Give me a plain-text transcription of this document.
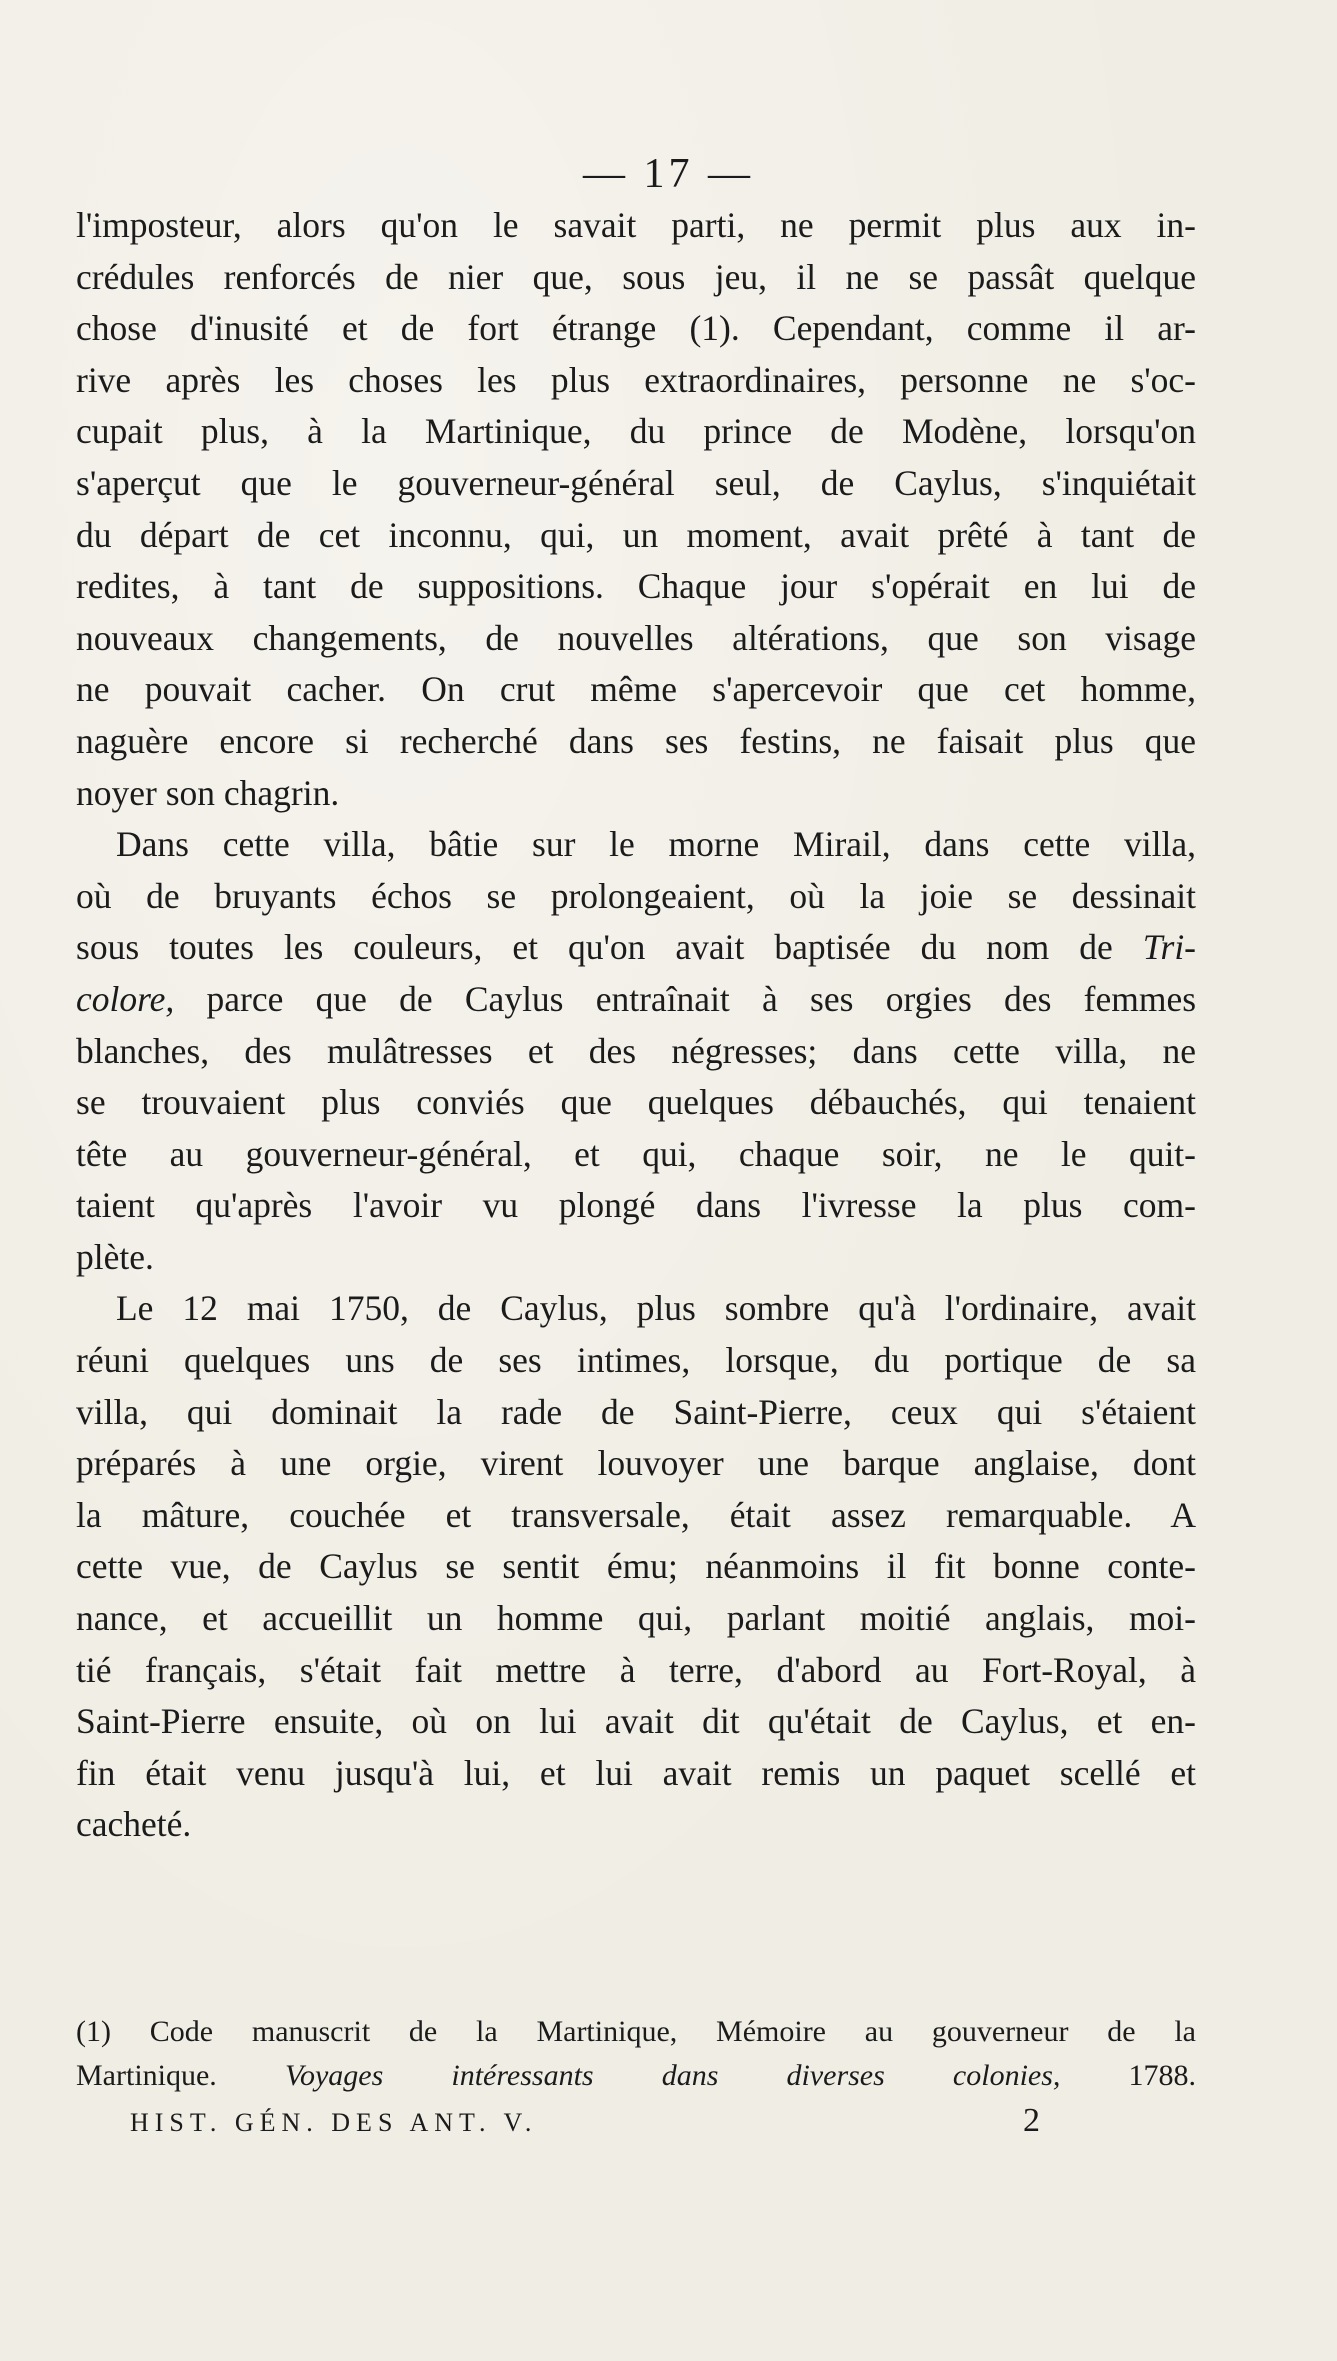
— 17 —
l'imposteur, alors qu'on le savait parti, ne permit plus aux in-
crédules renforcés de nier que, sous jeu, il ne se passât quelque
chose d'inusité et de fort étrange (1). Cependant, comme il ar-
rive après les choses les plus extraordinaires, personne ne s'oc-
cupait plus, à la Martinique, du prince de Modène, lorsqu'on
s'aperçut que le gouverneur-général seul, de Caylus, s'inquiétait
du départ de cet inconnu, qui, un moment, avait prêté à tant de
redites, à tant de suppositions. Chaque jour s'opérait en lui de
nouveaux changements, de nouvelles altérations, que son visage
ne pouvait cacher. On crut même s'apercevoir que cet homme,
naguère encore si recherché dans ses festins, ne faisait plus que
noyer son chagrin.
Dans cette villa, bâtie sur le morne Mirail, dans cette villa,
où de bruyants échos se prolongeaient, où la joie se dessinait
sous toutes les couleurs, et qu'on avait baptisée du nom de Tri-
colore, parce que de Caylus entraînait à ses orgies des femmes
blanches, des mulâtresses et des négresses; dans cette villa, ne
se trouvaient plus conviés que quelques débauchés, qui tenaient
tête au gouverneur-général, et qui, chaque soir, ne le quit-
taient qu'après l'avoir vu plongé dans l'ivresse la plus com-
plète.
Le 12 mai 1750, de Caylus, plus sombre qu'à l'ordinaire, avait
réuni quelques uns de ses intimes, lorsque, du portique de sa
villa, qui dominait la rade de Saint-Pierre, ceux qui s'étaient
préparés à une orgie, virent louvoyer une barque anglaise, dont
la mâture, couchée et transversale, était assez remarquable. A
cette vue, de Caylus se sentit ému; néanmoins il fit bonne conte-
nance, et accueillit un homme qui, parlant moitié anglais, moi-
tié français, s'était fait mettre à terre, d'abord au Fort-Royal, à
Saint-Pierre ensuite, où on lui avait dit qu'était de Caylus, et en-
fin était venu jusqu'à lui, et lui avait remis un paquet scellé et
cacheté.
(1) Code manuscrit de la Martinique, Mémoire au gouverneur de la
Martinique. Voyages intéressants dans diverses colonies, 1788.
HIST. GÉN. DES ANT. V.	2
